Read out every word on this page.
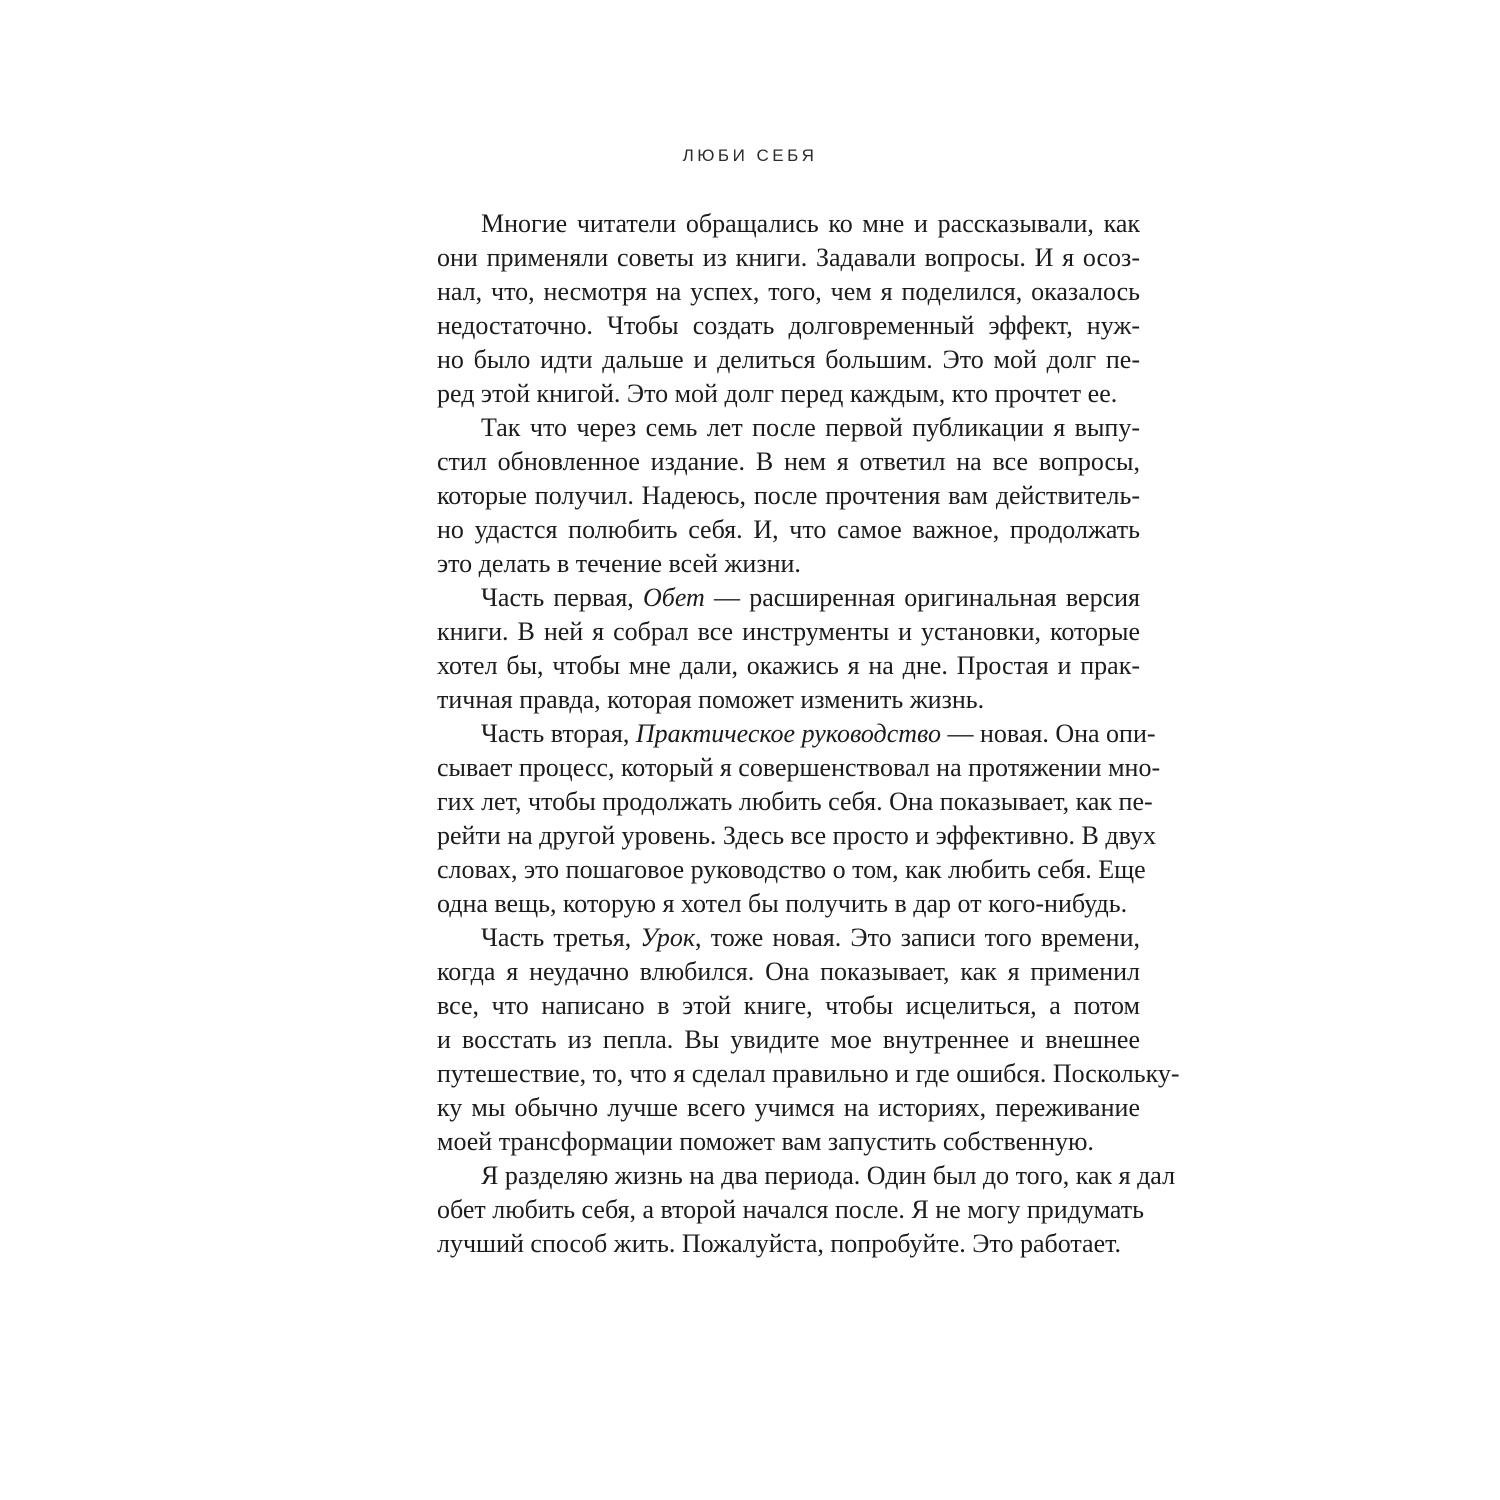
ЛЮБИ СЕБЯ
Многие читатели обращались ко мне и рассказывали, как
они применяли советы из книги. Задавали вопросы. И я осоз-
нал, что, несмотря на успех, того, чем я поделился, оказалось
недостаточно. Чтобы создать долговременный эффект, нуж-
но было идти дальше и делиться большим. Это мой долг пе-
ред этой книгой. Это мой долг перед каждым, кто прочтет ее.
Так что через семь лет после первой публикации я выпу-
стил обновленное издание. В нем я ответил на все вопросы,
которые получил. Надеюсь, после прочтения вам действитель-
но удастся полюбить себя. И, что самое важное, продолжать
это делать в течение всей жизни.
Часть первая, Обет — расширенная оригинальная версия
книги. В ней я собрал все инструменты и установки, которые
хотел бы, чтобы мне дали, окажись я на дне. Простая и прак-
тичная правда, которая поможет изменить жизнь.
Часть вторая, Практическое руководство — новая. Она опи-
сывает процесс, который я совершенствовал на протяжении мно-
гих лет, чтобы продолжать любить себя. Она показывает, как пе-
рейти на другой уровень. Здесь все просто и эффективно. В двух
словах, это пошаговое руководство о том, как любить себя. Еще
одна вещь, которую я хотел бы получить в дар от кого-нибудь.
Часть третья, Урок, тоже новая. Это записи того времени,
когда я неудачно влюбился. Она показывает, как я применил
все, что написано в этой книге, чтобы исцелиться, а потом
и восстать из пепла. Вы увидите мое внутреннее и внешнее
путешествие, то, что я сделал правильно и где ошибся. Поскольку-
ку мы обычно лучше всего учимся на историях, переживание
моей трансформации поможет вам запустить собственную.
Я разделяю жизнь на два периода. Один был до того, как я дал
обет любить себя, а второй начался после. Я не могу придумать
лучший способ жить. Пожалуйста, попробуйте. Это работает.
